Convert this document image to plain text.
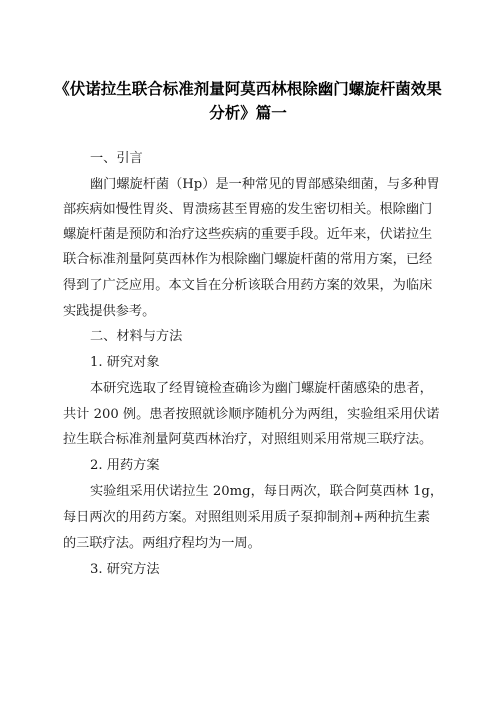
《伏诺拉生联合标准剂量阿莫西林根除幽门螺旋杆菌效果
分析》篇一
一、引言
幽门螺旋杆菌（Hp）是一种常见的胃部感染细菌，与多种胃
部疾病如慢性胃炎、胃溃疡甚至胃癌的发生密切相关。根除幽门
螺旋杆菌是预防和治疗这些疾病的重要手段。近年来，伏诺拉生
联合标准剂量阿莫西林作为根除幽门螺旋杆菌的常用方案，已经
得到了广泛应用。本文旨在分析该联合用药方案的效果，为临床
实践提供参考。
二、材料与方法
1. 研究对象
本研究选取了经胃镜检查确诊为幽门螺旋杆菌感染的患者，
共计 200 例。患者按照就诊顺序随机分为两组，实验组采用伏诺
拉生联合标准剂量阿莫西林治疗，对照组则采用常规三联疗法。
2. 用药方案
实验组采用伏诺拉生 20mg，每日两次，联合阿莫西林 1g，
每日两次的用药方案。对照组则采用质子泵抑制剂+两种抗生素
的三联疗法。两组疗程均为一周。
3. 研究方法
